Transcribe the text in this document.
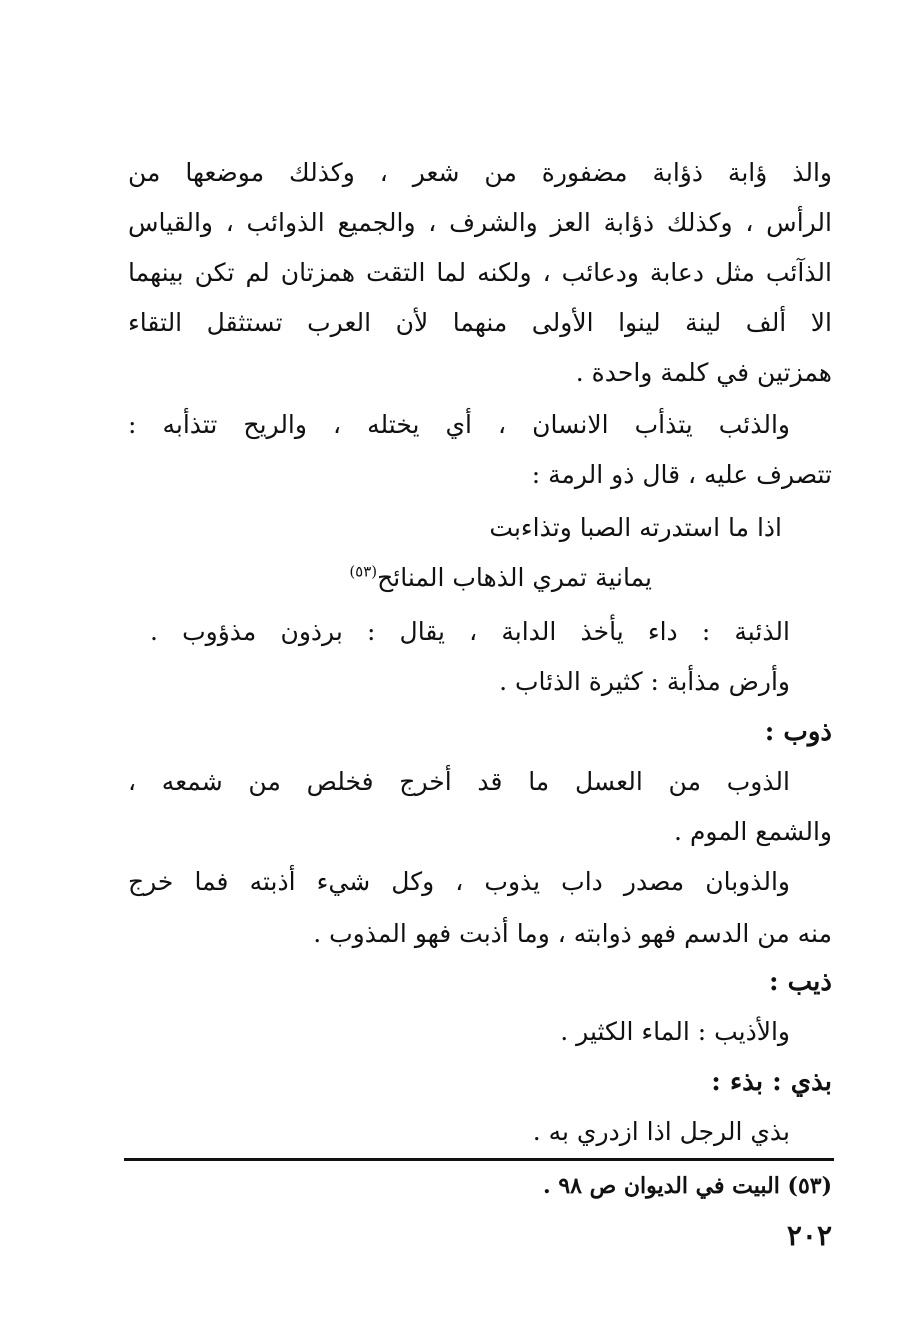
والذ ؤابة ذؤابة مضفورة من شعر ، وكذلك موضعها من
الرأس ، وكذلك ذؤابة العز والشرف ، والجميع الذوائب ، والقياس
الذآئب مثل دعابة ودعائب ، ولكنه لما التقت همزتان لم تكن بينهما
الا ألف لينة لينوا الأولى منهما لأن العرب تستثقل التقاء
همزتين في كلمة واحدة .
والذئب يتذأب الانسان ، أي يختله ، والريح تتذأبه :
تتصرف عليه ، قال ذو الرمة :
اذا ما استدرته الصبا وتذاءبت
يمانية تمري الذهاب المنائح$^{(٥٣)}$
الذئبة : داء يأخذ الدابة ، يقال : برذون مذؤوب .
وأرض مذأبة : كثيرة الذئاب .
ذوب :
الذوب من العسل ما قد أخرج فخلص من شمعه ،
والشمع الموم .
والذوبان مصدر داب يذوب ، وكل شيء أذبته فما خرج
منه من الدسم فهو ذوابته ، وما أذبت فهو المذوب .
ذيب :
والأذيب : الماء الكثير .
بذي : بذء :
بذي الرجل اذا ازدري به .
(٥٣) البيت في الديوان ص ٩٨ .
٢٠٢
